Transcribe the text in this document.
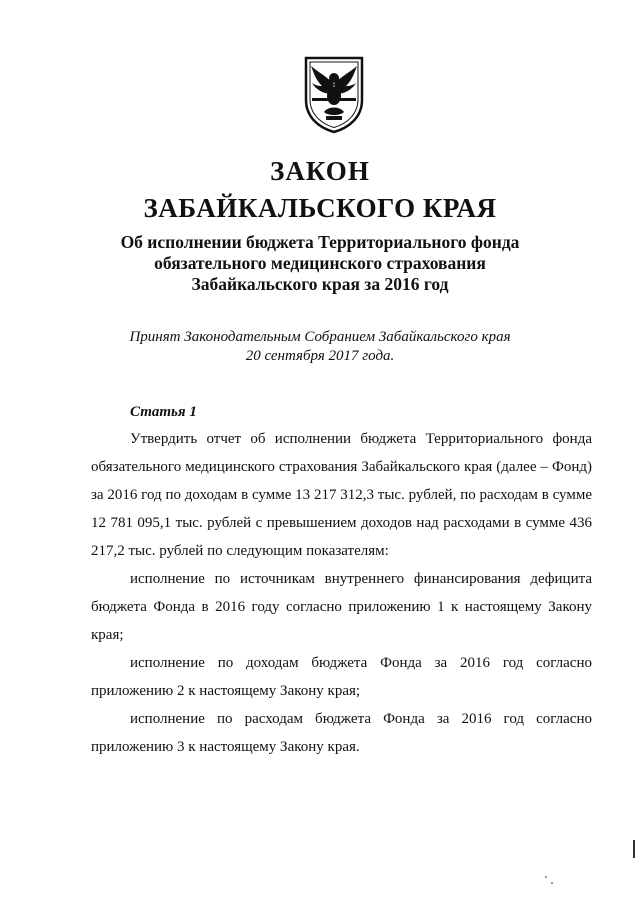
ЗАКОН
ЗАБАЙКАЛЬСКОГО КРАЯ
Об исполнении бюджета Территориального фонда
обязательного медицинского страхования
Забайкальского края за 2016 год
Принят Законодательным Собранием Забайкальского края
20 сентября 2017 года.
Статья 1

Утвердить отчет об исполнении бюджета Территориального фонда обязательного медицинского страхования Забайкальского края (далее – Фонд) за 2016 год по доходам в сумме 13 217 312,3 тыс. рублей, по расходам в сумме 12 781 095,1 тыс. рублей с превышением доходов над расходами в сумме 436 217,2 тыс. рублей по следующим показателям:

исполнение по источникам внутреннего финансирования дефицита бюджета Фонда в 2016 году согласно приложению 1 к настоящему Закону края;

исполнение по доходам бюджета Фонда за 2016 год согласно приложению 2 к настоящему Закону края;

исполнение по расходам бюджета Фонда за 2016 год согласно приложению 3 к настоящему Закону края.
